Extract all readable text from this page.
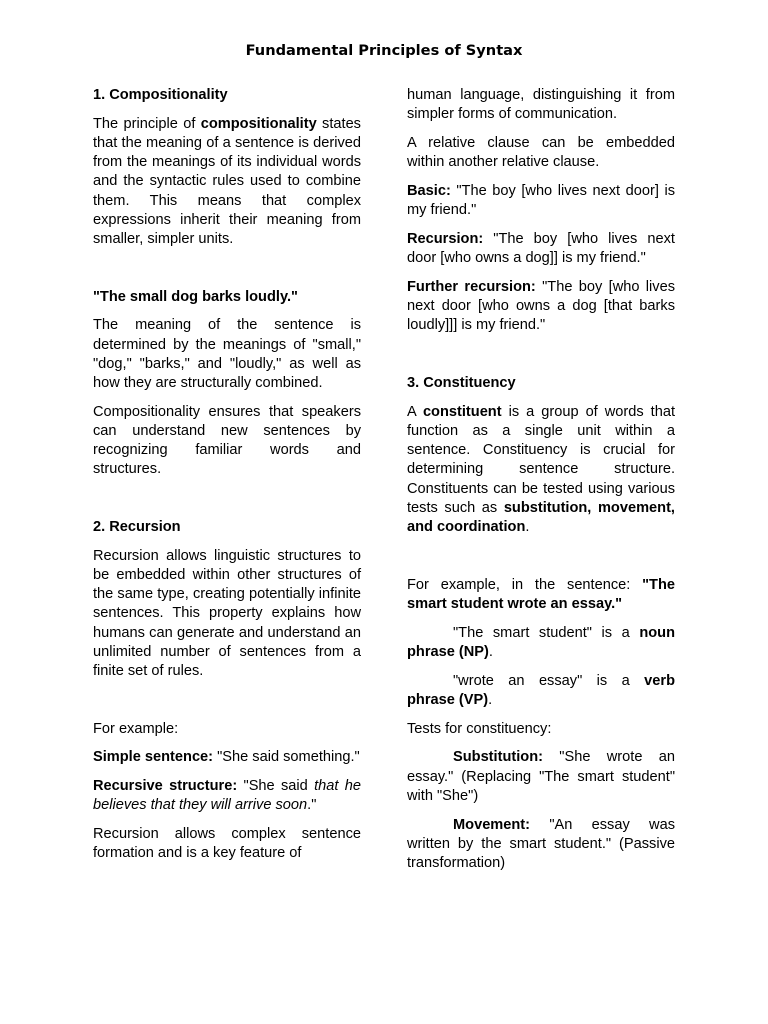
Fundamental Principles of Syntax

1. Compositionality

The principle of compositionality states that the meaning of a sentence is derived from the meanings of its individual words and the syntactic rules used to combine them. This means that complex expressions inherit their meaning from smaller, simpler units.

"The small dog barks loudly."

The meaning of the sentence is determined by the meanings of "small," "dog," "barks," and "loudly," as well as how they are structurally combined.

Compositionality ensures that speakers can understand new sentences by recognizing familiar words and structures.

2. Recursion

Recursion allows linguistic structures to be embedded within other structures of the same type, creating potentially infinite sentences. This property explains how humans can generate and understand an unlimited number of sentences from a finite set of rules.

For example:

Simple sentence: "She said something."

Recursive structure: "She said that he believes that they will arrive soon."

Recursion allows complex sentence formation and is a key feature of

human language, distinguishing it from simpler forms of communication.

A relative clause can be embedded within another relative clause.

Basic: "The boy [who lives next door] is my friend."

Recursion: "The boy [who lives next door [who owns a dog]] is my friend."

Further recursion: "The boy [who lives next door [who owns a dog [that barks loudly]]] is my friend."

3. Constituency

A constituent is a group of words that function as a single unit within a sentence. Constituency is crucial for determining sentence structure. Constituents can be tested using various tests such as substitution, movement, and coordination.

For example, in the sentence: "The smart student wrote an essay."

"The smart student" is a noun phrase (NP).

"wrote an essay" is a verb phrase (VP).

Tests for constituency:

Substitution: "She wrote an essay." (Replacing "The smart student" with "She")

Movement: "An essay was written by the smart student." (Passive transformation)
